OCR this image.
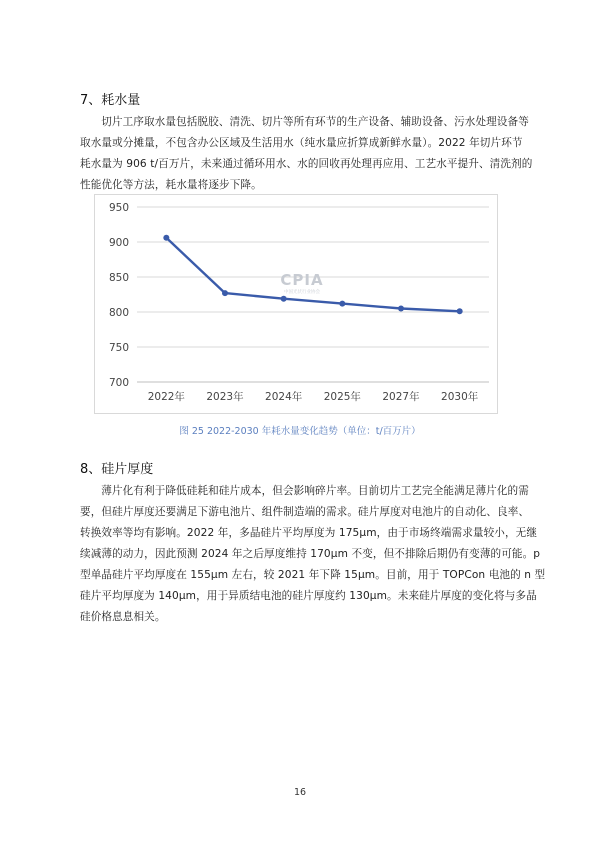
7、耗水量
切片工序取水量包括脱胶、清洗、切片等所有环节的生产设备、辅助设备、污水处理设备等
取水量或分摊量，不包含办公区域及生活用水（纯水量应折算成新鲜水量）。2022 年切片环节
耗水量为 906 t/百万片，未来通过循环用水、水的回收再处理再应用、工艺水平提升、清洗剂的
性能优化等方法，耗水量将逐步下降。
950
900
850
800
750
700
2022年 2023年 2024年 2025年 2027年 2030年
CPIA
中国光伏行业协会
图 25 2022-2030 年耗水量变化趋势（单位：t/百万片）
8、硅片厚度
薄片化有利于降低硅耗和硅片成本，但会影响碎片率。目前切片工艺完全能满足薄片化的需
要，但硅片厚度还要满足下游电池片、组件制造端的需求。硅片厚度对电池片的自动化、良率、
转换效率等均有影响。2022 年，多晶硅片平均厚度为 175μm，由于市场终端需求量较小，无继
续减薄的动力，因此预测 2024 年之后厚度维持 170μm 不变，但不排除后期仍有变薄的可能。p
型单晶硅片平均厚度在 155μm 左右，较 2021 年下降 15μm。目前，用于 TOPCon 电池的 n 型
硅片平均厚度为 140μm，用于异质结电池的硅片厚度约 130μm。未来硅片厚度的变化将与多晶
硅价格息息相关。
16
